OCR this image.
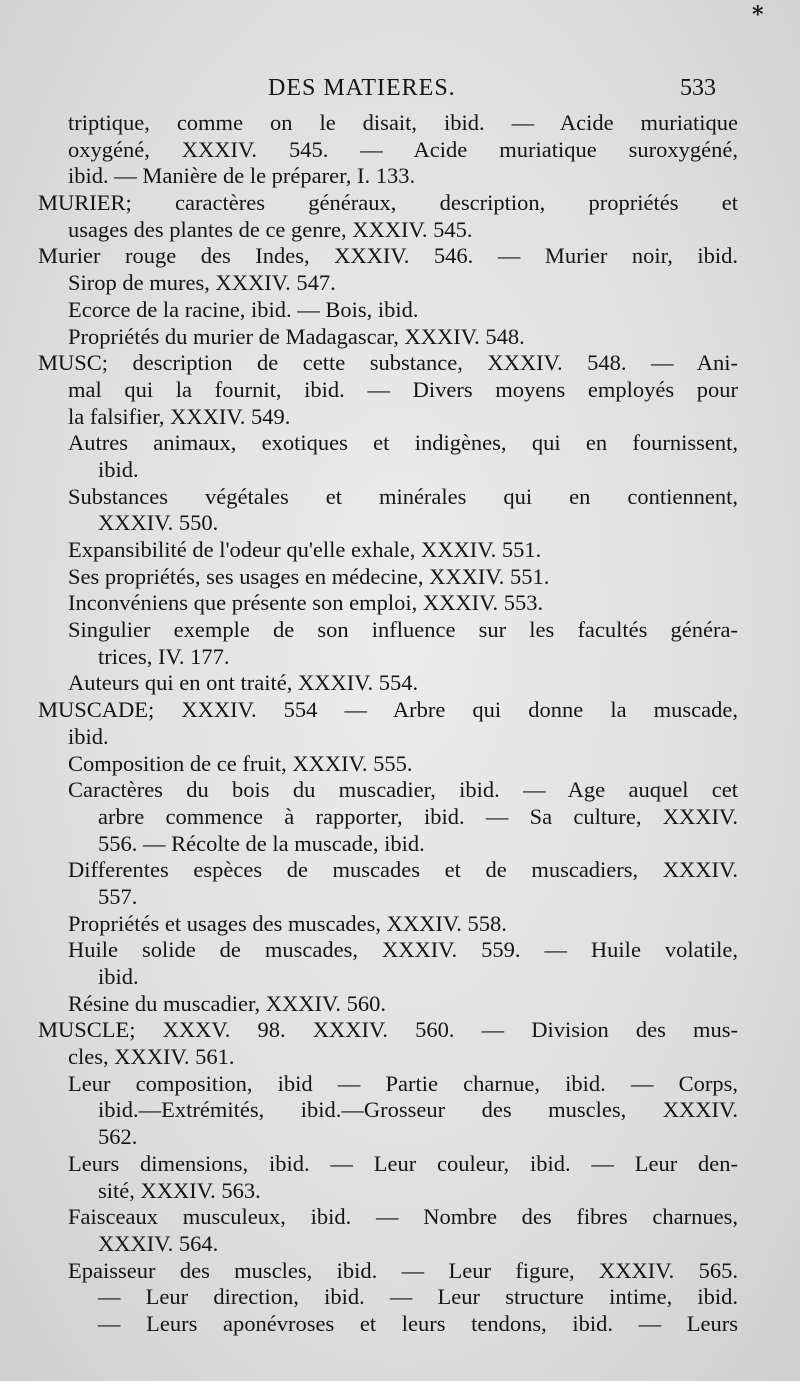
*
DES MATIERES.	533
triptique, comme on le disait, ibid. — Acide muriatique
oxygéné, XXXIV. 545. — Acide muriatique suroxygéné,
ibid. — Manière de le préparer, I. 133.
MURIER; caractères généraux, description, propriétés et
usages des plantes de ce genre, XXXIV. 545.
Murier rouge des Indes, XXXIV. 546. — Murier noir, ibid.
Sirop de mures, XXXIV. 547.
Ecorce de la racine, ibid. — Bois, ibid.
Propriétés du murier de Madagascar, XXXIV. 548.
MUSC; description de cette substance, XXXIV. 548. — Ani-
mal qui la fournit, ibid. — Divers moyens employés pour
la falsifier, XXXIV. 549.
Autres animaux, exotiques et indigènes, qui en fournissent,
ibid.
Substances végétales et minérales qui en contiennent,
XXXIV. 550.
Expansibilité de l'odeur qu'elle exhale, XXXIV. 551.
Ses propriétés, ses usages en médecine, XXXIV. 551.
Inconvéniens que présente son emploi, XXXIV. 553.
Singulier exemple de son influence sur les facultés généra-
trices, IV. 177.
Auteurs qui en ont traité, XXXIV. 554.
MUSCADE; XXXIV. 554 — Arbre qui donne la muscade,
ibid.
Composition de ce fruit, XXXIV. 555.
Caractères du bois du muscadier, ibid. — Age auquel cet
arbre commence à rapporter, ibid. — Sa culture, XXXIV.
556. — Récolte de la muscade, ibid.
Differentes espèces de muscades et de muscadiers, XXXIV.
557.
Propriétés et usages des muscades, XXXIV. 558.
Huile solide de muscades, XXXIV. 559. — Huile volatile,
ibid.
Résine du muscadier, XXXIV. 560.
MUSCLE; XXXV. 98. XXXIV. 560. — Division des mus-
cles, XXXIV. 561.
Leur composition, ibid — Partie charnue, ibid. — Corps,
ibid.—Extrémités, ibid.—Grosseur des muscles, XXXIV.
562.
Leurs dimensions, ibid. — Leur couleur, ibid. — Leur den-
sité, XXXIV. 563.
Faisceaux musculeux, ibid. — Nombre des fibres charnues,
XXXIV. 564.
Epaisseur des muscles, ibid. — Leur figure, XXXIV. 565.
— Leur direction, ibid. — Leur structure intime, ibid.
— Leurs aponévroses et leurs tendons, ibid. — Leurs
